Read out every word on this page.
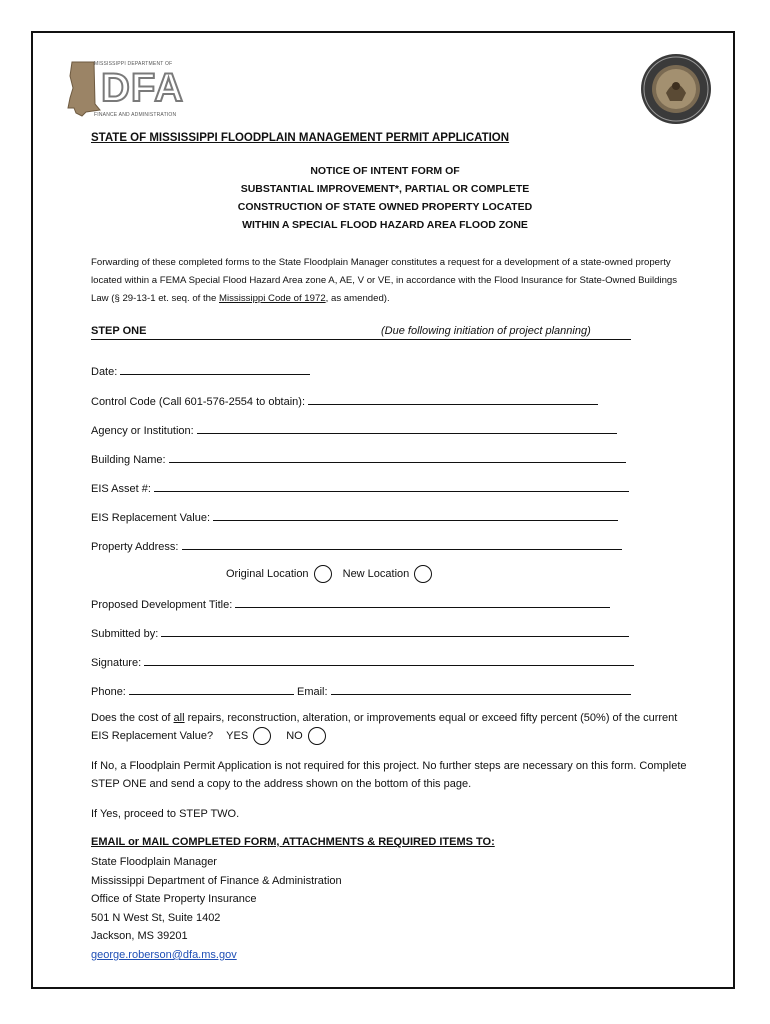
MISSISSIPPI DEPARTMENT OF
DFA
FINANCE AND ADMINISTRATION
STATE OF MISSISSIPPI FLOODPLAIN MANAGEMENT PERMIT APPLICATION
NOTICE OF INTENT FORM OF
SUBSTANTIAL IMPROVEMENT*, PARTIAL OR COMPLETE
CONSTRUCTION OF STATE OWNED PROPERTY LOCATED
WITHIN A SPECIAL FLOOD HAZARD AREA FLOOD ZONE
Forwarding of these completed forms to the State Floodplain Manager constitutes a request for a development of a state-owned property located within a FEMA Special Flood Hazard Area zone A, AE, V or VE, in accordance with the Flood Insurance for State-Owned Buildings Law (§ 29-13-1 et. seq. of the Mississippi Code of 1972, as amended).
STEP ONE	(Due following initiation of project planning)
Date:
Control Code (Call 601-576-2554 to obtain):
Agency or Institution:
Building Name:
EIS Asset #:
EIS Replacement Value:
Property Address:
Original Location	New Location
Proposed Development Title:
Submitted by:
Signature:
Phone:	Email:
Does the cost of all repairs, reconstruction, alteration, or improvements equal or exceed fifty percent (50%) of the current EIS Replacement Value? YES	NO
If No, a Floodplain Permit Application is not required for this project. No further steps are necessary on this form. Complete STEP ONE and send a copy to the address shown on the bottom of this page.
If Yes, proceed to STEP TWO.
EMAIL or MAIL COMPLETED FORM, ATTACHMENTS & REQUIRED ITEMS TO:
State Floodplain Manager
Mississippi Department of Finance & Administration
Office of State Property Insurance
501 N West St, Suite 1402
Jackson, MS 39201
george.roberson@dfa.ms.gov
